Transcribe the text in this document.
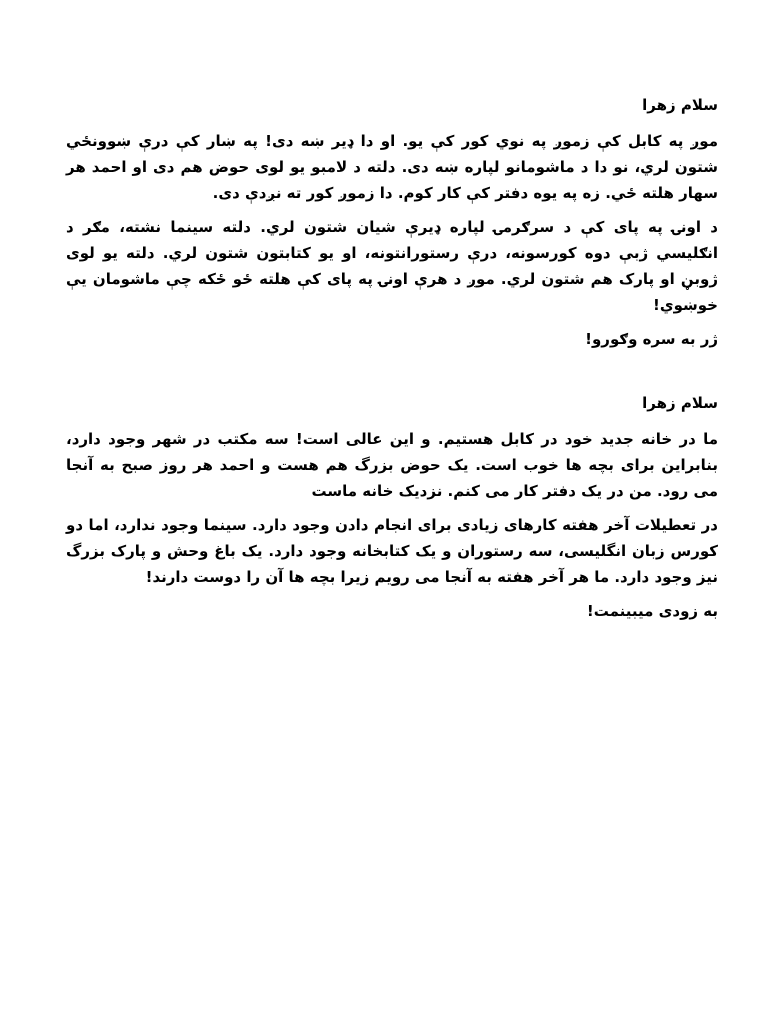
سلام زهرا

موږ په کابل کې زموږ په نوي کور کې يو. او دا ډير ښه دی! په ښار کې درې ښوونځي شتون لري، نو دا د ماشومانو لپاره ښه دی. دلته د لامبو يو لوی حوض هم دی او احمد هر سهار هلته ځي. زه په يوه دفتر کې کار کوم. دا زموږ کور ته نږدې دی.

د اونۍ په پای کې د سرګرمۍ لپاره ډيرې شيان شتون لري. دلته سينما نشته، مګر د انګليسي ژبې دوه کورسونه، درې رستورانتونه، او يو کتابتون شتون لري. دلته يو لوی ژوبڼ او پارک هم شتون لري. موږ د هرې اونۍ په پای کې هلته ځو ځکه چې ماشومان يې خوښوي!

ژر به سره وګورو!

سلام زهرا

ما در خانه جديد خود در کابل هستيم. و اين عالی است! سه مکتب در شهر وجود دارد، بنابراين برای بچه ها خوب است. يک حوض بزرگ هم هست و احمد هر روز صبح به آنجا می رود. من در يک دفتر کار می کنم. نزديک خانه ماست

در تعطيلات آخر هفته کارهای زيادی برای انجام دادن وجود دارد. سينما وجود ندارد، اما دو کورس زبان انگليسی، سه رستوران و يک کتابخانه وجود دارد. يک باغ وحش و پارک بزرگ نيز وجود دارد. ما هر آخر هفته به آنجا می رويم زيرا بچه ها آن را دوست دارند!

به زودی ميبينمت!
